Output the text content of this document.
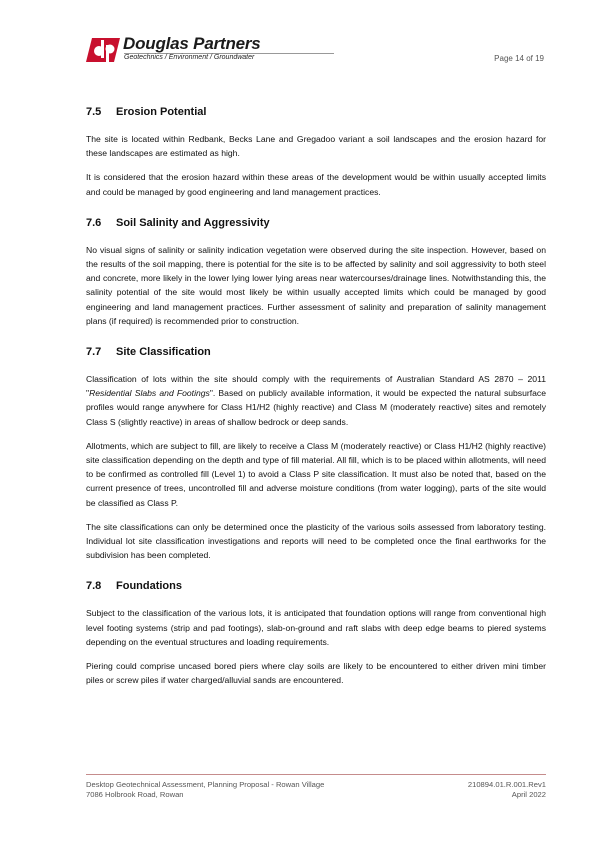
Douglas Partners
Geotechnics / Environment / Groundwater	Page 14 of 19
7.5	Erosion Potential

The site is located within Redbank, Becks Lane and Gregadoo variant a soil landscapes and the erosion hazard for these landscapes are estimated as high.

It is considered that the erosion hazard within these areas of the development would be within usually accepted limits and could be managed by good engineering and land management practices.

7.6	Soil Salinity and Aggressivity

No visual signs of salinity or salinity indication vegetation were observed during the site inspection. However, based on the results of the soil mapping, there is potential for the site is to be affected by salinity and soil aggressivity to both steel and concrete, more likely in the lower lying lower lying areas near watercourses/drainage lines. Notwithstanding this, the salinity potential of the site would most likely be within usually accepted limits which could be managed by good engineering and land management practices. Further assessment of salinity and preparation of salinity management plans (if required) is recommended prior to construction.

7.7	Site Classification

Classification of lots within the site should comply with the requirements of Australian Standard AS 2870 – 2011 "Residential Slabs and Footings". Based on publicly available information, it would be expected the natural subsurface profiles would range anywhere for Class H1/H2 (highly reactive) and Class M (moderately reactive) sites and remotely Class S (slightly reactive) in areas of shallow bedrock or deep sands.

Allotments, which are subject to fill, are likely to receive a Class M (moderately reactive) or Class H1/H2 (highly reactive) site classification depending on the depth and type of fill material. All fill, which is to be placed within allotments, will need to be confirmed as controlled fill (Level 1) to avoid a Class P site classification. It must also be noted that, based on the current presence of trees, uncontrolled fill and adverse moisture conditions (from water logging), parts of the site would be classified as Class P.

The site classifications can only be determined once the plasticity of the various soils assessed from laboratory testing. Individual lot site classification investigations and reports will need to be completed once the final earthworks for the subdivision has been completed.

7.8	Foundations

Subject to the classification of the various lots, it is anticipated that foundation options will range from conventional high level footing systems (strip and pad footings), slab-on-ground and raft slabs with deep edge beams to piered systems depending on the eventual structures and loading requirements.

Piering could comprise uncased bored piers where clay soils are likely to be encountered to either driven mini timber piles or screw piles if water charged/alluvial sands are encountered.

Desktop Geotechnical Assessment, Planning Proposal - Rowan Village
7086 Holbrook Road, Rowan
210894.01.R.001.Rev1
April 2022
